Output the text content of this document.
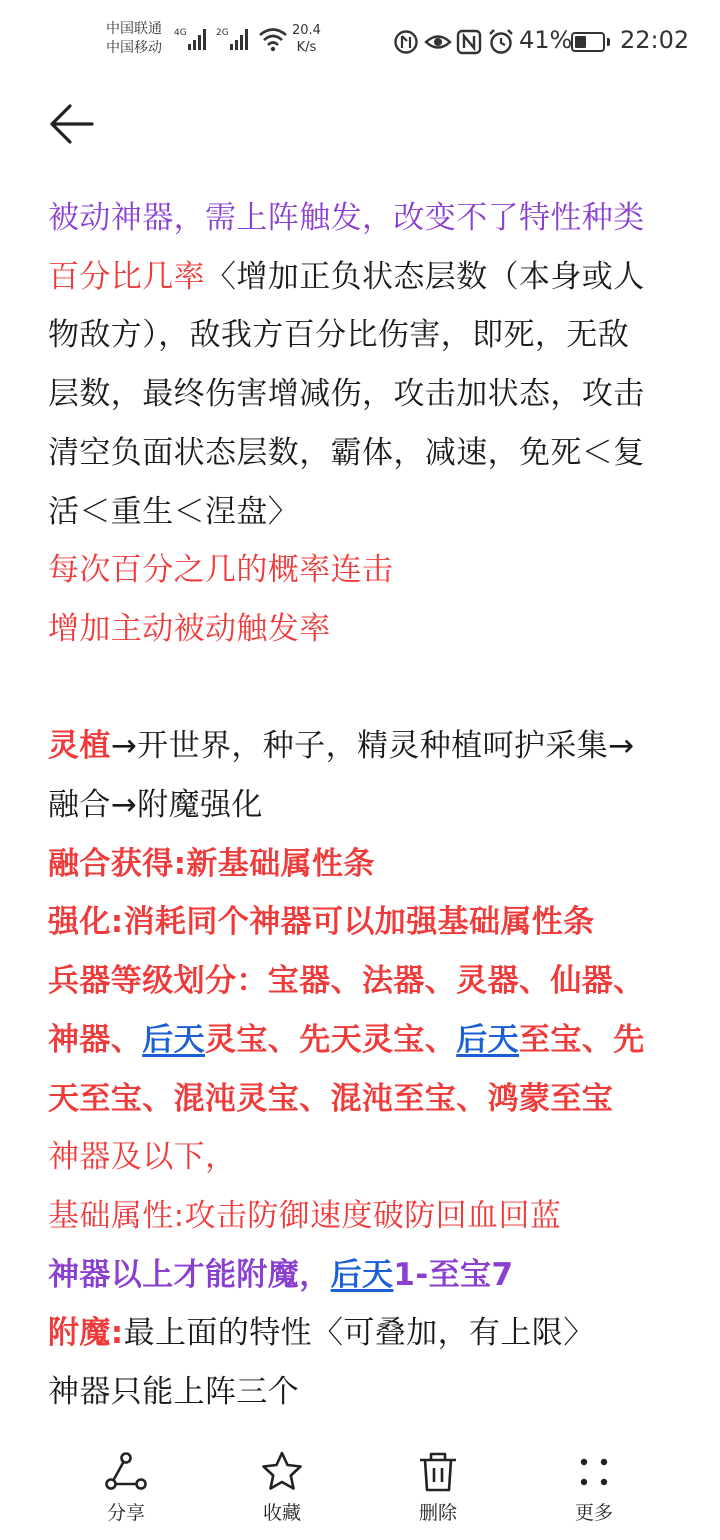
中国联通
中国移动
4G	2G	20.4
K/s	41% 22:02
被动神器，需上阵触发，改变不了特性种类
百分比几率〈增加正负状态层数（本身或人
物敌方），敌我方百分比伤害，即死，无敌
层数，最终伤害增减伤，攻击加状态，攻击
清空负面状态层数，霸体，减速，免死＜复
活＜重生＜涅盘〉
每次百分之几的概率连击
增加主动被动触发率
灵植→开世界，种子，精灵种植呵护采集→
融合→附魔强化
融合获得:新基础属性条
强化:消耗同个神器可以加强基础属性条
兵器等级划分：宝器、法器、灵器、仙器、
神器、后天灵宝、先天灵宝、后天至宝、先
天至宝、混沌灵宝、混沌至宝、鸿蒙至宝
神器及以下，
基础属性:攻击防御速度破防回血回蓝
神器以上才能附魔，后天1-至宝7
附魔:最上面的特性〈可叠加，有上限〉
神器只能上阵三个
分享	收藏	删除	更多
